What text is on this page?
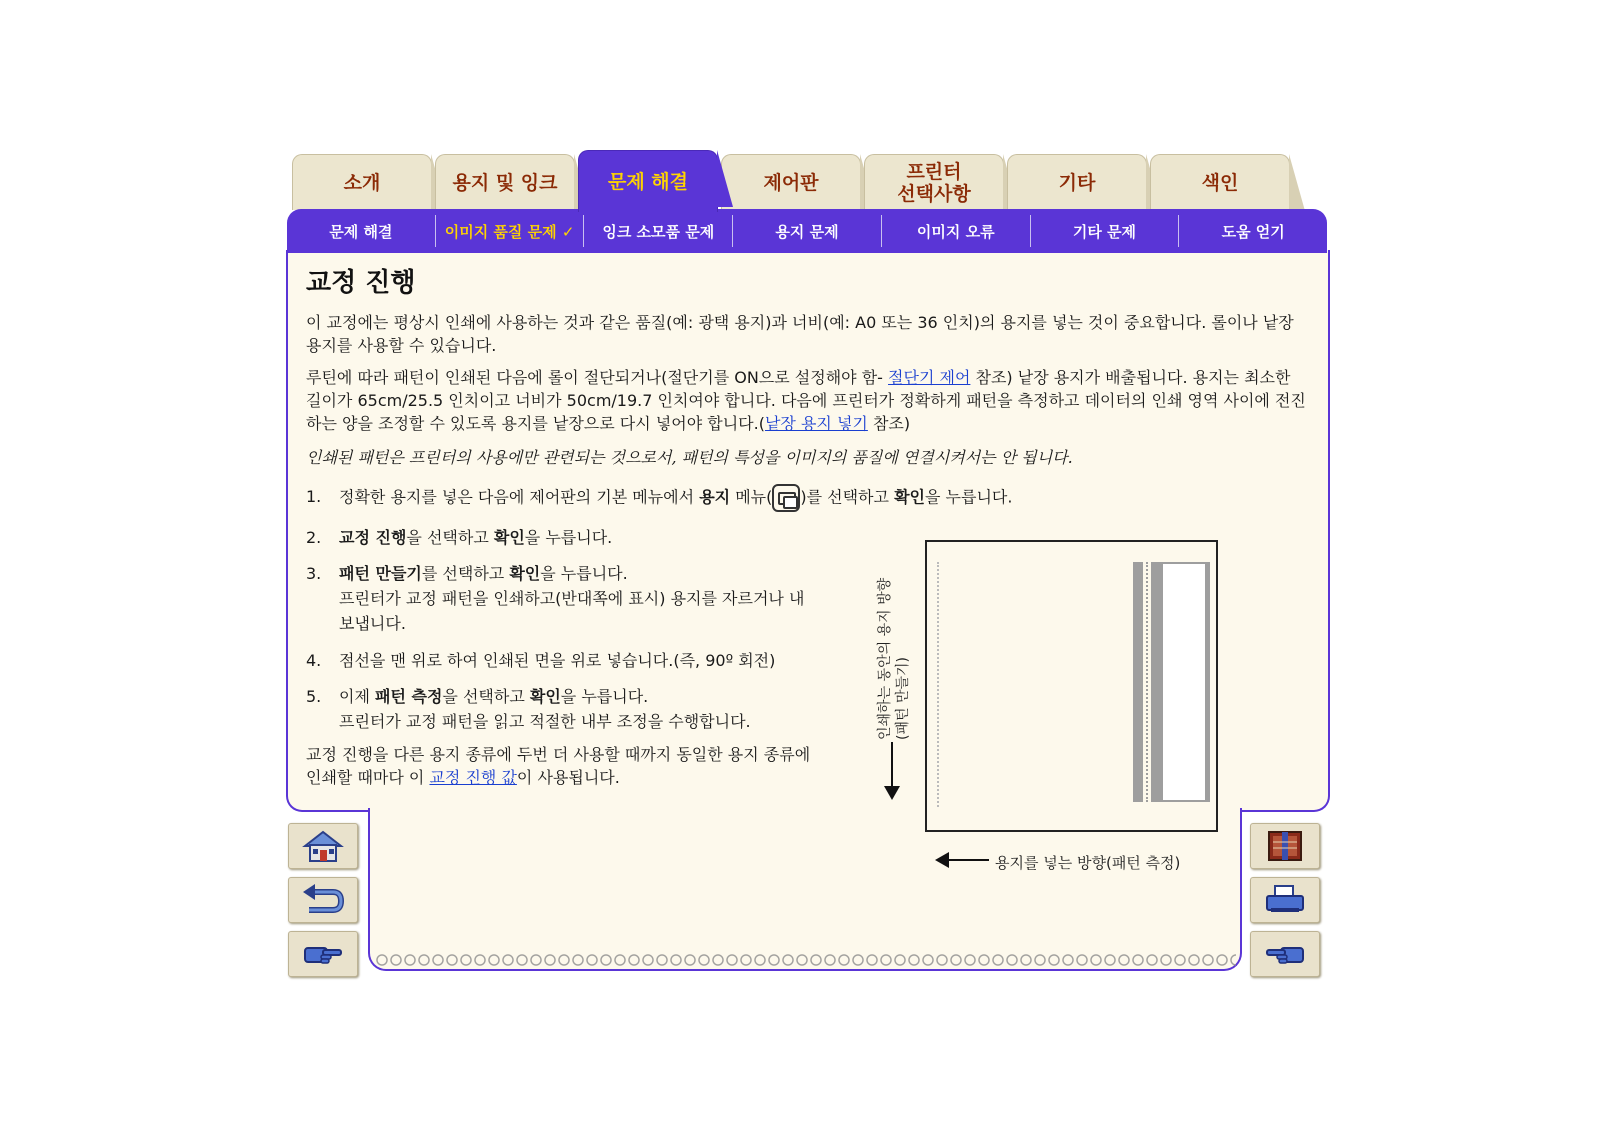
소개	용지 및 잉크	문제 해결	제어판	프린터
선택사항	기타	색인
문제 해결	이미지 품질 문제 ✓	잉크 소모품 문제	용지 문제	이미지 오류	기타 문제	도움 얻기
교정 진행
이 교정에는 평상시 인쇄에 사용하는 것과 같은 품질(예: 광택 용지)과 너비(예: A0 또는 36 인치)의 용지를 넣는 것이 중요합니다. 롤이나 낱장 용지를 사용할 수 있습니다.
루틴에 따라 패턴이 인쇄된 다음에 롤이 절단되거나(절단기를 ON으로 설정해야 함- 절단기 제어 참조) 낱장 용지가 배출됩니다. 용지는 최소한 길이가 65cm/25.5 인치이고 너비가 50cm/19.7 인치여야 합니다. 다음에 프린터가 정확하게 패턴을 측정하고 데이터의 인쇄 영역 사이에 전진하는 양을 조정할 수 있도록 용지를 낱장으로 다시 넣어야 합니다.(낱장 용지 넣기 참조)
인쇄된 패턴은 프린터의 사용에만 관련되는 것으로서, 패턴의 특성을 이미지의 품질에 연결시켜서는 안 됩니다.
1.	정확한 용지를 넣은 다음에 제어판의 기본 메뉴에서 용지 메뉴( )를 선택하고 확인을 누릅니다.
2.	교정 진행을 선택하고 확인을 누릅니다.
3.	패턴 만들기를 선택하고 확인을 누릅니다.
프린터가 교정 패턴을 인쇄하고(반대쪽에 표시) 용지를 자르거나 내
보냅니다.
4.	점선을 맨 위로 하여 인쇄된 면을 위로 넣습니다.(즉, 90º 회전)
5.	이제 패턴 측정을 선택하고 확인을 누릅니다.
프린터가 교정 패턴을 읽고 적절한 내부 조정을 수행합니다.
교정 진행을 다른 용지 종류에 두번 더 사용할 때까지 동일한 용지 종류에
인쇄할 때마다 이 교정 진행 값이 사용됩니다.
인쇄하는 동안의 용지 방향 (패턴 만들기)
용지를 넣는 방향(패턴 측정)
